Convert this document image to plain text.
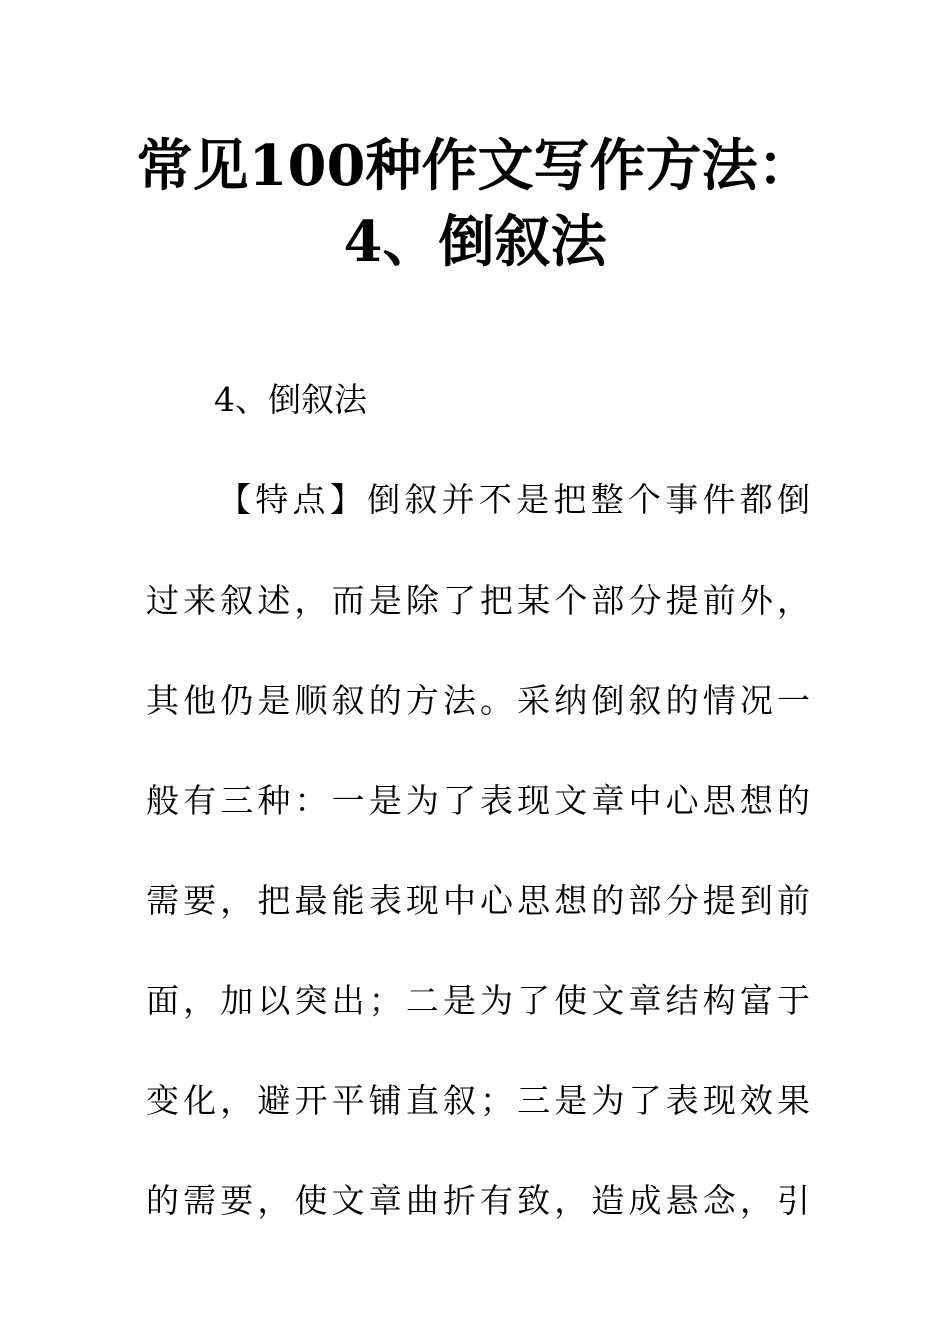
常见100种作文写作方法：
4、倒叙法

4、倒叙法

【特点】倒叙并不是把整个事件都倒

过来叙述，而是除了把某个部分提前外，

其他仍是顺叙的方法。采纳倒叙的情况一

般有三种：一是为了表现文章中心思想的

需要，把最能表现中心思想的部分提到前

面，加以突出；二是为了使文章结构富于

变化，避开平铺直叙；三是为了表现效果

的需要，使文章曲折有致，造成悬念，引
